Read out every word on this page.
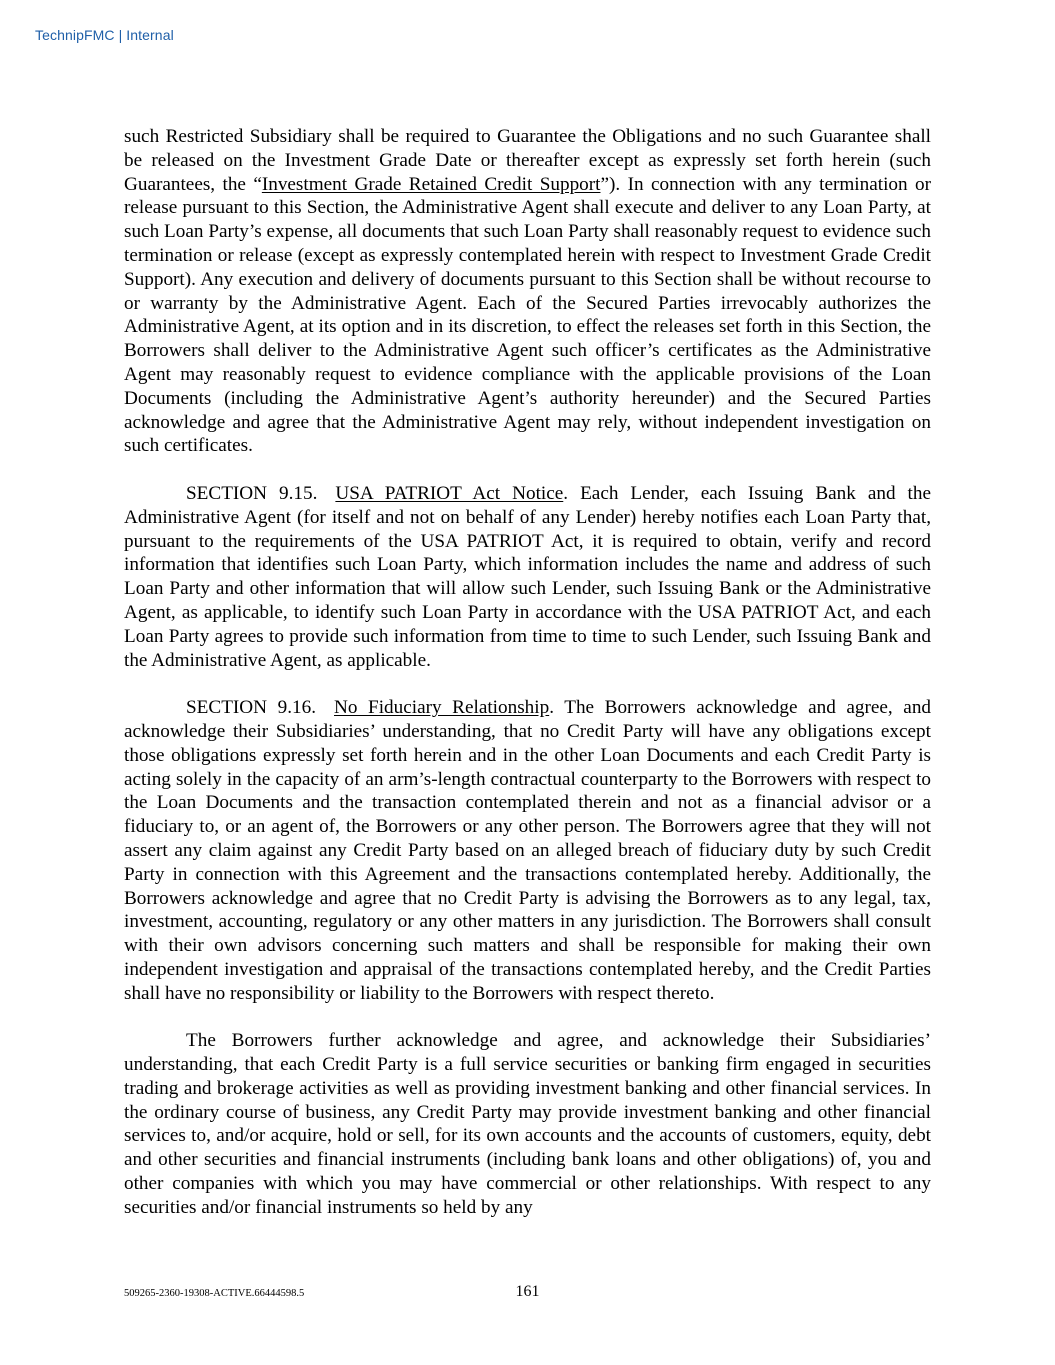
TechnipFMC | Internal

such Restricted Subsidiary shall be required to Guarantee the Obligations and no such Guarantee shall be released on the Investment Grade Date or thereafter except as expressly set forth herein (such Guarantees, the “Investment Grade Retained Credit Support”). In connection with any termination or release pursuant to this Section, the Administrative Agent shall execute and deliver to any Loan Party, at such Loan Party’s expense, all documents that such Loan Party shall reasonably request to evidence such termination or release (except as expressly contemplated herein with respect to Investment Grade Credit Support). Any execution and delivery of documents pursuant to this Section shall be without recourse to or warranty by the Administrative Agent. Each of the Secured Parties irrevocably authorizes the Administrative Agent, at its option and in its discretion, to effect the releases set forth in this Section, the Borrowers shall deliver to the Administrative Agent such officer’s certificates as the Administrative Agent may reasonably request to evidence compliance with the applicable provisions of the Loan Documents (including the Administrative Agent’s authority hereunder) and the Secured Parties acknowledge and agree that the Administrative Agent may rely, without independent investigation on such certificates.

SECTION 9.15. USA PATRIOT Act Notice. Each Lender, each Issuing Bank and the Administrative Agent (for itself and not on behalf of any Lender) hereby notifies each Loan Party that, pursuant to the requirements of the USA PATRIOT Act, it is required to obtain, verify and record information that identifies such Loan Party, which information includes the name and address of such Loan Party and other information that will allow such Lender, such Issuing Bank or the Administrative Agent, as applicable, to identify such Loan Party in accordance with the USA PATRIOT Act, and each Loan Party agrees to provide such information from time to time to such Lender, such Issuing Bank and the Administrative Agent, as applicable.

SECTION 9.16. No Fiduciary Relationship. The Borrowers acknowledge and agree, and acknowledge their Subsidiaries’ understanding, that no Credit Party will have any obligations except those obligations expressly set forth herein and in the other Loan Documents and each Credit Party is acting solely in the capacity of an arm’s-length contractual counterparty to the Borrowers with respect to the Loan Documents and the transaction contemplated therein and not as a financial advisor or a fiduciary to, or an agent of, the Borrowers or any other person. The Borrowers agree that they will not assert any claim against any Credit Party based on an alleged breach of fiduciary duty by such Credit Party in connection with this Agreement and the transactions contemplated hereby. Additionally, the Borrowers acknowledge and agree that no Credit Party is advising the Borrowers as to any legal, tax, investment, accounting, regulatory or any other matters in any jurisdiction. The Borrowers shall consult with their own advisors concerning such matters and shall be responsible for making their own independent investigation and appraisal of the transactions contemplated hereby, and the Credit Parties shall have no responsibility or liability to the Borrowers with respect thereto.

The Borrowers further acknowledge and agree, and acknowledge their Subsidiaries’ understanding, that each Credit Party is a full service securities or banking firm engaged in securities trading and brokerage activities as well as providing investment banking and other financial services. In the ordinary course of business, any Credit Party may provide investment banking and other financial services to, and/or acquire, hold or sell, for its own accounts and the accounts of customers, equity, debt and other securities and financial instruments (including bank loans and other obligations) of, you and other companies with which you may have commercial or other relationships. With respect to any securities and/or financial instruments so held by any

509265-2360-19308-ACTIVE.66444598.5	161
